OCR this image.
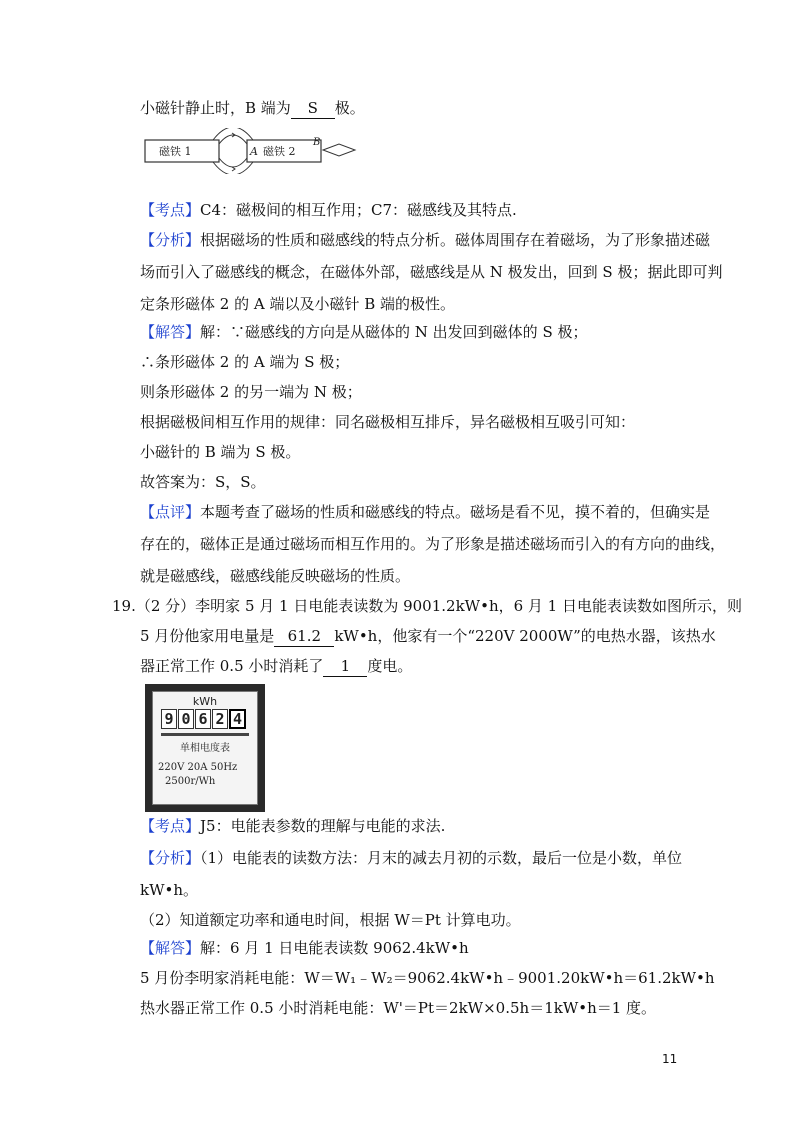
小磁针静止时，B 端为 S 极。
磁铁 1	磁铁 2
A
B
【考点】C4：磁极间的相互作用；C7：磁感线及其特点.
【分析】根据磁场的性质和磁感线的特点分析。磁体周围存在着磁场，为了形象描述磁
场而引入了磁感线的概念，在磁体外部，磁感线是从 N 极发出，回到 S 极；据此即可判
定条形磁体 2 的 A 端以及小磁针 B 端的极性。
【解答】解：∵磁感线的方向是从磁体的 N 出发回到磁体的 S 极；
∴条形磁体 2 的 A 端为 S 极；
则条形磁体 2 的另一端为 N 极；
根据磁极间相互作用的规律：同名磁极相互排斥，异名磁极相互吸引可知：
小磁针的 B 端为 S 极。
故答案为：S，S。
【点评】本题考查了磁场的性质和磁感线的特点。磁场是看不见，摸不着的，但确实是
存在的，磁体正是通过磁场而相互作用的。为了形象是描述磁场而引入的有方向的曲线，
就是磁感线，磁感线能反映磁场的性质。
19.（2 分）李明家 5 月 1 日电能表读数为 9001.2kW•h，6 月 1 日电能表读数如图所示，则
5 月份他家用电量是 61.2 kW•h，他家有一个“220V 2000W”的电热水器，该热水
器正常工作 0.5 小时消耗了 1 度电。
kWh
9 0 6 2 4
单相电度表
220V 20A 50Hz
2500r/Wh
【考点】J5：电能表参数的理解与电能的求法.
【分析】（1）电能表的读数方法：月末的减去月初的示数，最后一位是小数，单位
kW•h。
（2）知道额定功率和通电时间，根据 W＝Pt 计算电功。
【解答】解：6 月 1 日电能表读数 9062.4kW•h
5 月份李明家消耗电能：W＝W₁﹣W₂＝9062.4kW•h﹣9001.20kW•h＝61.2kW•h
热水器正常工作 0.5 小时消耗电能：W'＝Pt＝2kW×0.5h＝1kW•h＝1 度。
11
